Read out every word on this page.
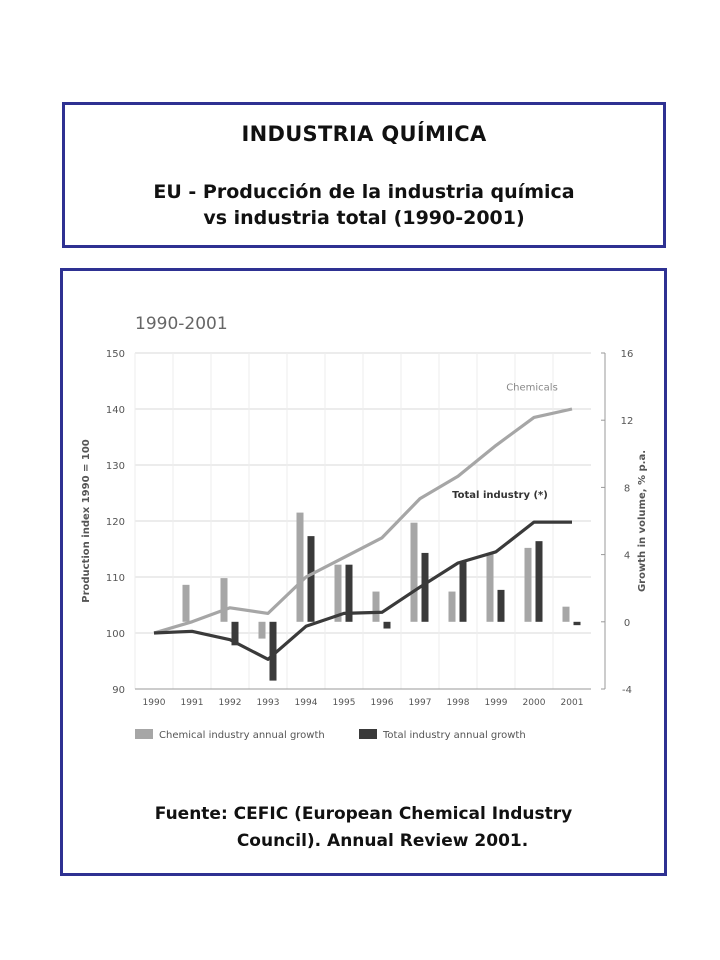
INDUSTRIA QUÍMICA
EU - Producción de la industria química
vs industria total (1990-2001)
1990-2001
90
100
110
120
130
140
150
-4
0
4
8
12
16
1990 1991 1992 1993 1994 1995 1996 1997 1998 1999 2000 2001
Production index 1990 = 100	Growth in volume, % p.a.
Chemicals
Total industry (*)
Chemical industry annual growth	Total industry annual growth
Fuente: CEFIC (European Chemical Industry
Council). Annual Review 2001.
